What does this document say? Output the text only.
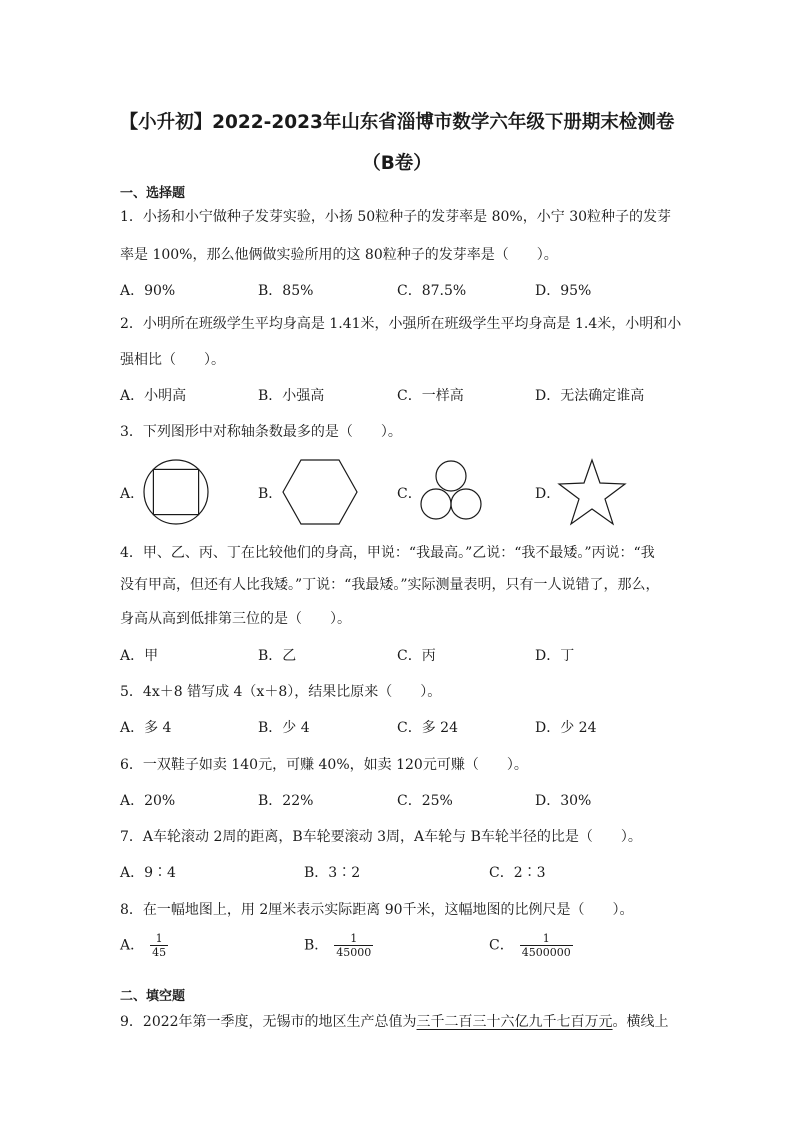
【小升初】2022-2023年山东省淄博市数学六年级下册期末检测卷
（B卷）
一、选择题
1．小扬和小宁做种子发芽实验，小扬 50粒种子的发芽率是 80%，小宁 30粒种子的发芽
率是 100%，那么他俩做实验所用的这 80粒种子的发芽率是（　　）。
A．90%	B．85%	C．87.5%	D．95%
2．小明所在班级学生平均身高是 1.41米，小强所在班级学生平均身高是 1.4米，小明和小
强相比（　　）。
A．小明高	B．小强高	C．一样高	D．无法确定谁高
3．下列图形中对称轴条数最多的是（　　）。
A．	B．	C．	D．
4．甲、乙、丙、丁在比较他们的身高，甲说：“我最高。”乙说：“我不最矮。”丙说：“我
没有甲高，但还有人比我矮。”丁说：“我最矮。”实际测量表明，只有一人说错了，那么，
身高从高到低排第三位的是（　　）。
A．甲	B．乙	C．丙	D．丁
5．4x＋8 错写成 4（x＋8），结果比原来（　　）。
A．多 4	B．少 4	C．多 24	D．少 24
6．一双鞋子如卖 140元，可赚 40%，如卖 120元可赚（　　）。
A．20%	B．22%	C．25%	D．30%
7．A车轮滚动 2周的距离，B车轮要滚动 3周，A车轮与 B车轮半径的比是（　　）。
A．9∶4	B．3∶2	C．2∶3
8．在一幅地图上，用 2厘米表示实际距离 90千米，这幅地图的比例尺是（　　）。
A． $\frac{1}{45}$	B． $\frac{1}{45000}$	C． $\frac{1}{4500000}$
二、填空题
9．2022年第一季度，无锡市的地区生产总值为三千二百三十六亿九千七百万元。横线上
